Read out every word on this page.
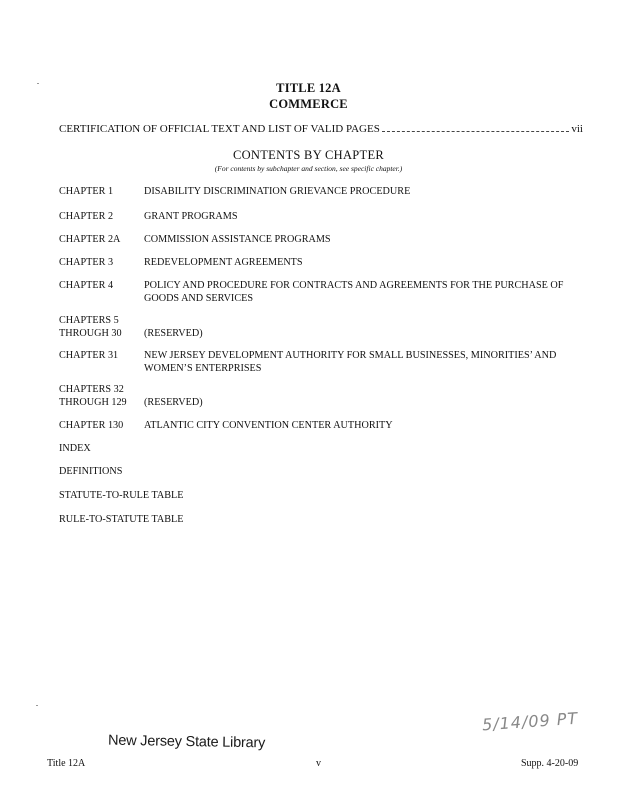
TITLE 12A
COMMERCE
CERTIFICATION OF OFFICIAL TEXT AND LIST OF VALID PAGES	vii
CONTENTS BY CHAPTER
(For contents by subchapter and section, see specific chapter.)
CHAPTER 1	DISABILITY DISCRIMINATION GRIEVANCE PROCEDURE
CHAPTER 2	GRANT PROGRAMS
CHAPTER 2A	COMMISSION ASSISTANCE PROGRAMS
CHAPTER 3	REDEVELOPMENT AGREEMENTS
CHAPTER 4	POLICY AND PROCEDURE FOR CONTRACTS AND AGREEMENTS FOR THE PURCHASE OF GOODS AND SERVICES
CHAPTERS 5
THROUGH 30	(RESERVED)
CHAPTER 31	NEW JERSEY DEVELOPMENT AUTHORITY FOR SMALL BUSINESSES, MINORITIES’ AND WOMEN’S ENTERPRISES
CHAPTERS 32
THROUGH 129	(RESERVED)
CHAPTER 130	ATLANTIC CITY CONVENTION CENTER AUTHORITY
INDEX
DEFINITIONS
STATUTE-TO-RULE TABLE
RULE-TO-STATUTE TABLE
New Jersey State Library
5/14/09 PT
Title 12A	v	Supp. 4-20-09
